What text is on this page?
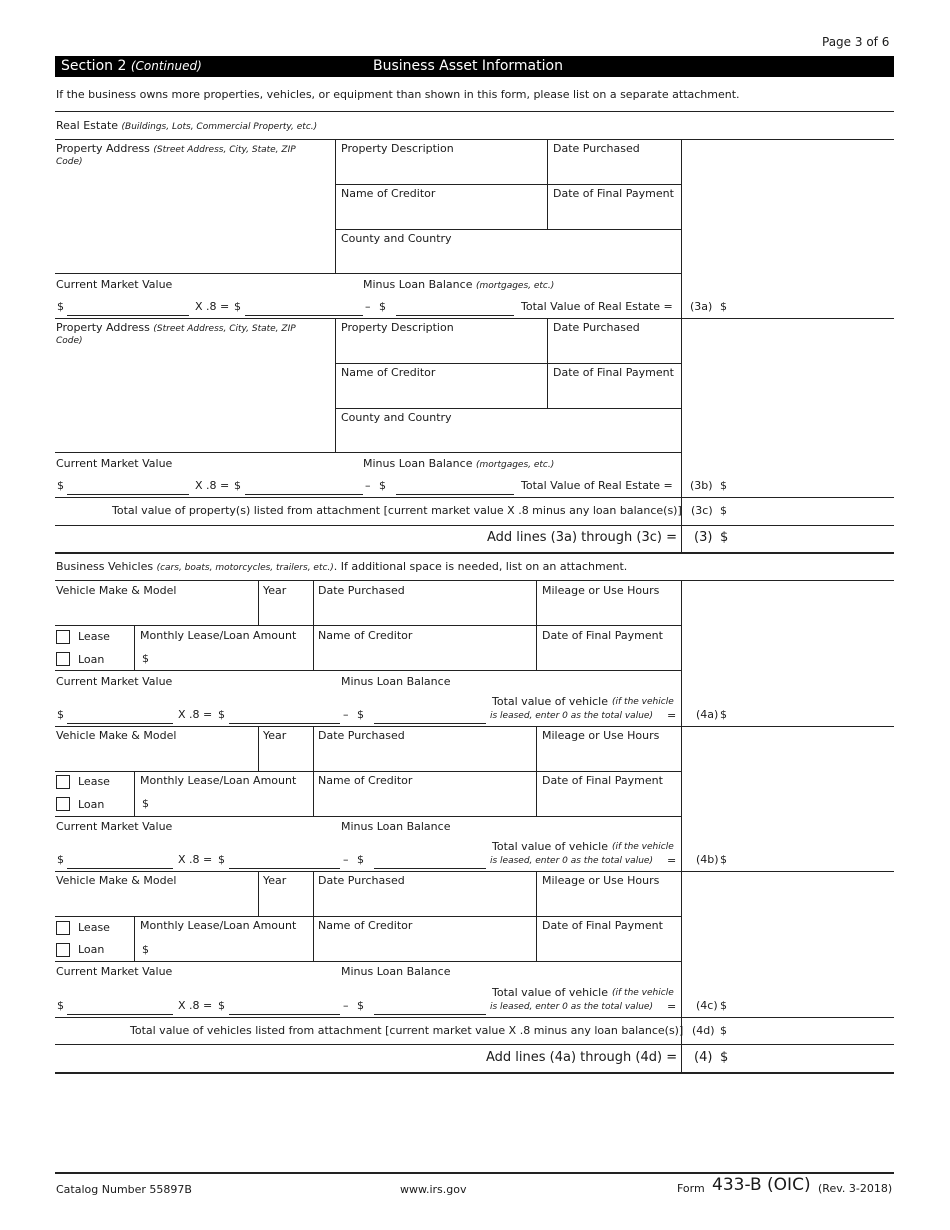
Page 3 of 6
Section 2 (Continued)	Business Asset Information
If the business owns more properties, vehicles, or equipment than shown in this form, please list on a separate attachment.
Real Estate (Buildings, Lots, Commercial Property, etc.)
Property Address (Street Address, City, State, ZIP
Code)
Property Description	Date Purchased
Name of Creditor	Date of Final Payment
County and Country
Current Market Value	Minus Loan Balance (mortgages, etc.)
$	X .8 = $	– $	Total Value of Real Estate = (3a) $
Property Address (Street Address, City, State, ZIP
Code)
Property Description	Date Purchased
Name of Creditor	Date of Final Payment
County and Country
Current Market Value	Minus Loan Balance (mortgages, etc.)
$	X .8 = $	– $	Total Value of Real Estate = (3b) $
Total value of property(s) listed from attachment [current market value X .8 minus any loan balance(s)] (3c) $
Add lines (3a) through (3c) = (3) $
Business Vehicles (cars, boats, motorcycles, trailers, etc.). If additional space is needed, list on an attachment.
Vehicle Make & Model	Year	Date Purchased	Mileage or Use Hours
Lease
Loan
Monthly Lease/Loan Amount
$
Name of Creditor	Date of Final Payment
Current Market Value	Minus Loan Balance
Total value of vehicle (if the vehicle
is leased, enter 0 as the total value) =
$	X .8 = $	– $	(4a) $
Vehicle Make & Model	Year	Date Purchased	Mileage or Use Hours
Lease
Loan
Monthly Lease/Loan Amount
$
Name of Creditor	Date of Final Payment
Current Market Value	Minus Loan Balance
Total value of vehicle (if the vehicle
is leased, enter 0 as the total value) =
$	X .8 = $	– $	(4b) $
Vehicle Make & Model	Year	Date Purchased	Mileage or Use Hours
Lease
Loan
Monthly Lease/Loan Amount
$
Name of Creditor	Date of Final Payment
Current Market Value	Minus Loan Balance
Total value of vehicle (if the vehicle
is leased, enter 0 as the total value) =
$	X .8 = $	– $	(4c) $
Total value of vehicles listed from attachment [current market value X .8 minus any loan balance(s)] (4d) $
Add lines (4a) through (4d) = (4) $
Catalog Number 55897B	www.irs.gov	Form 433-B (OIC) (Rev. 3-2018)
